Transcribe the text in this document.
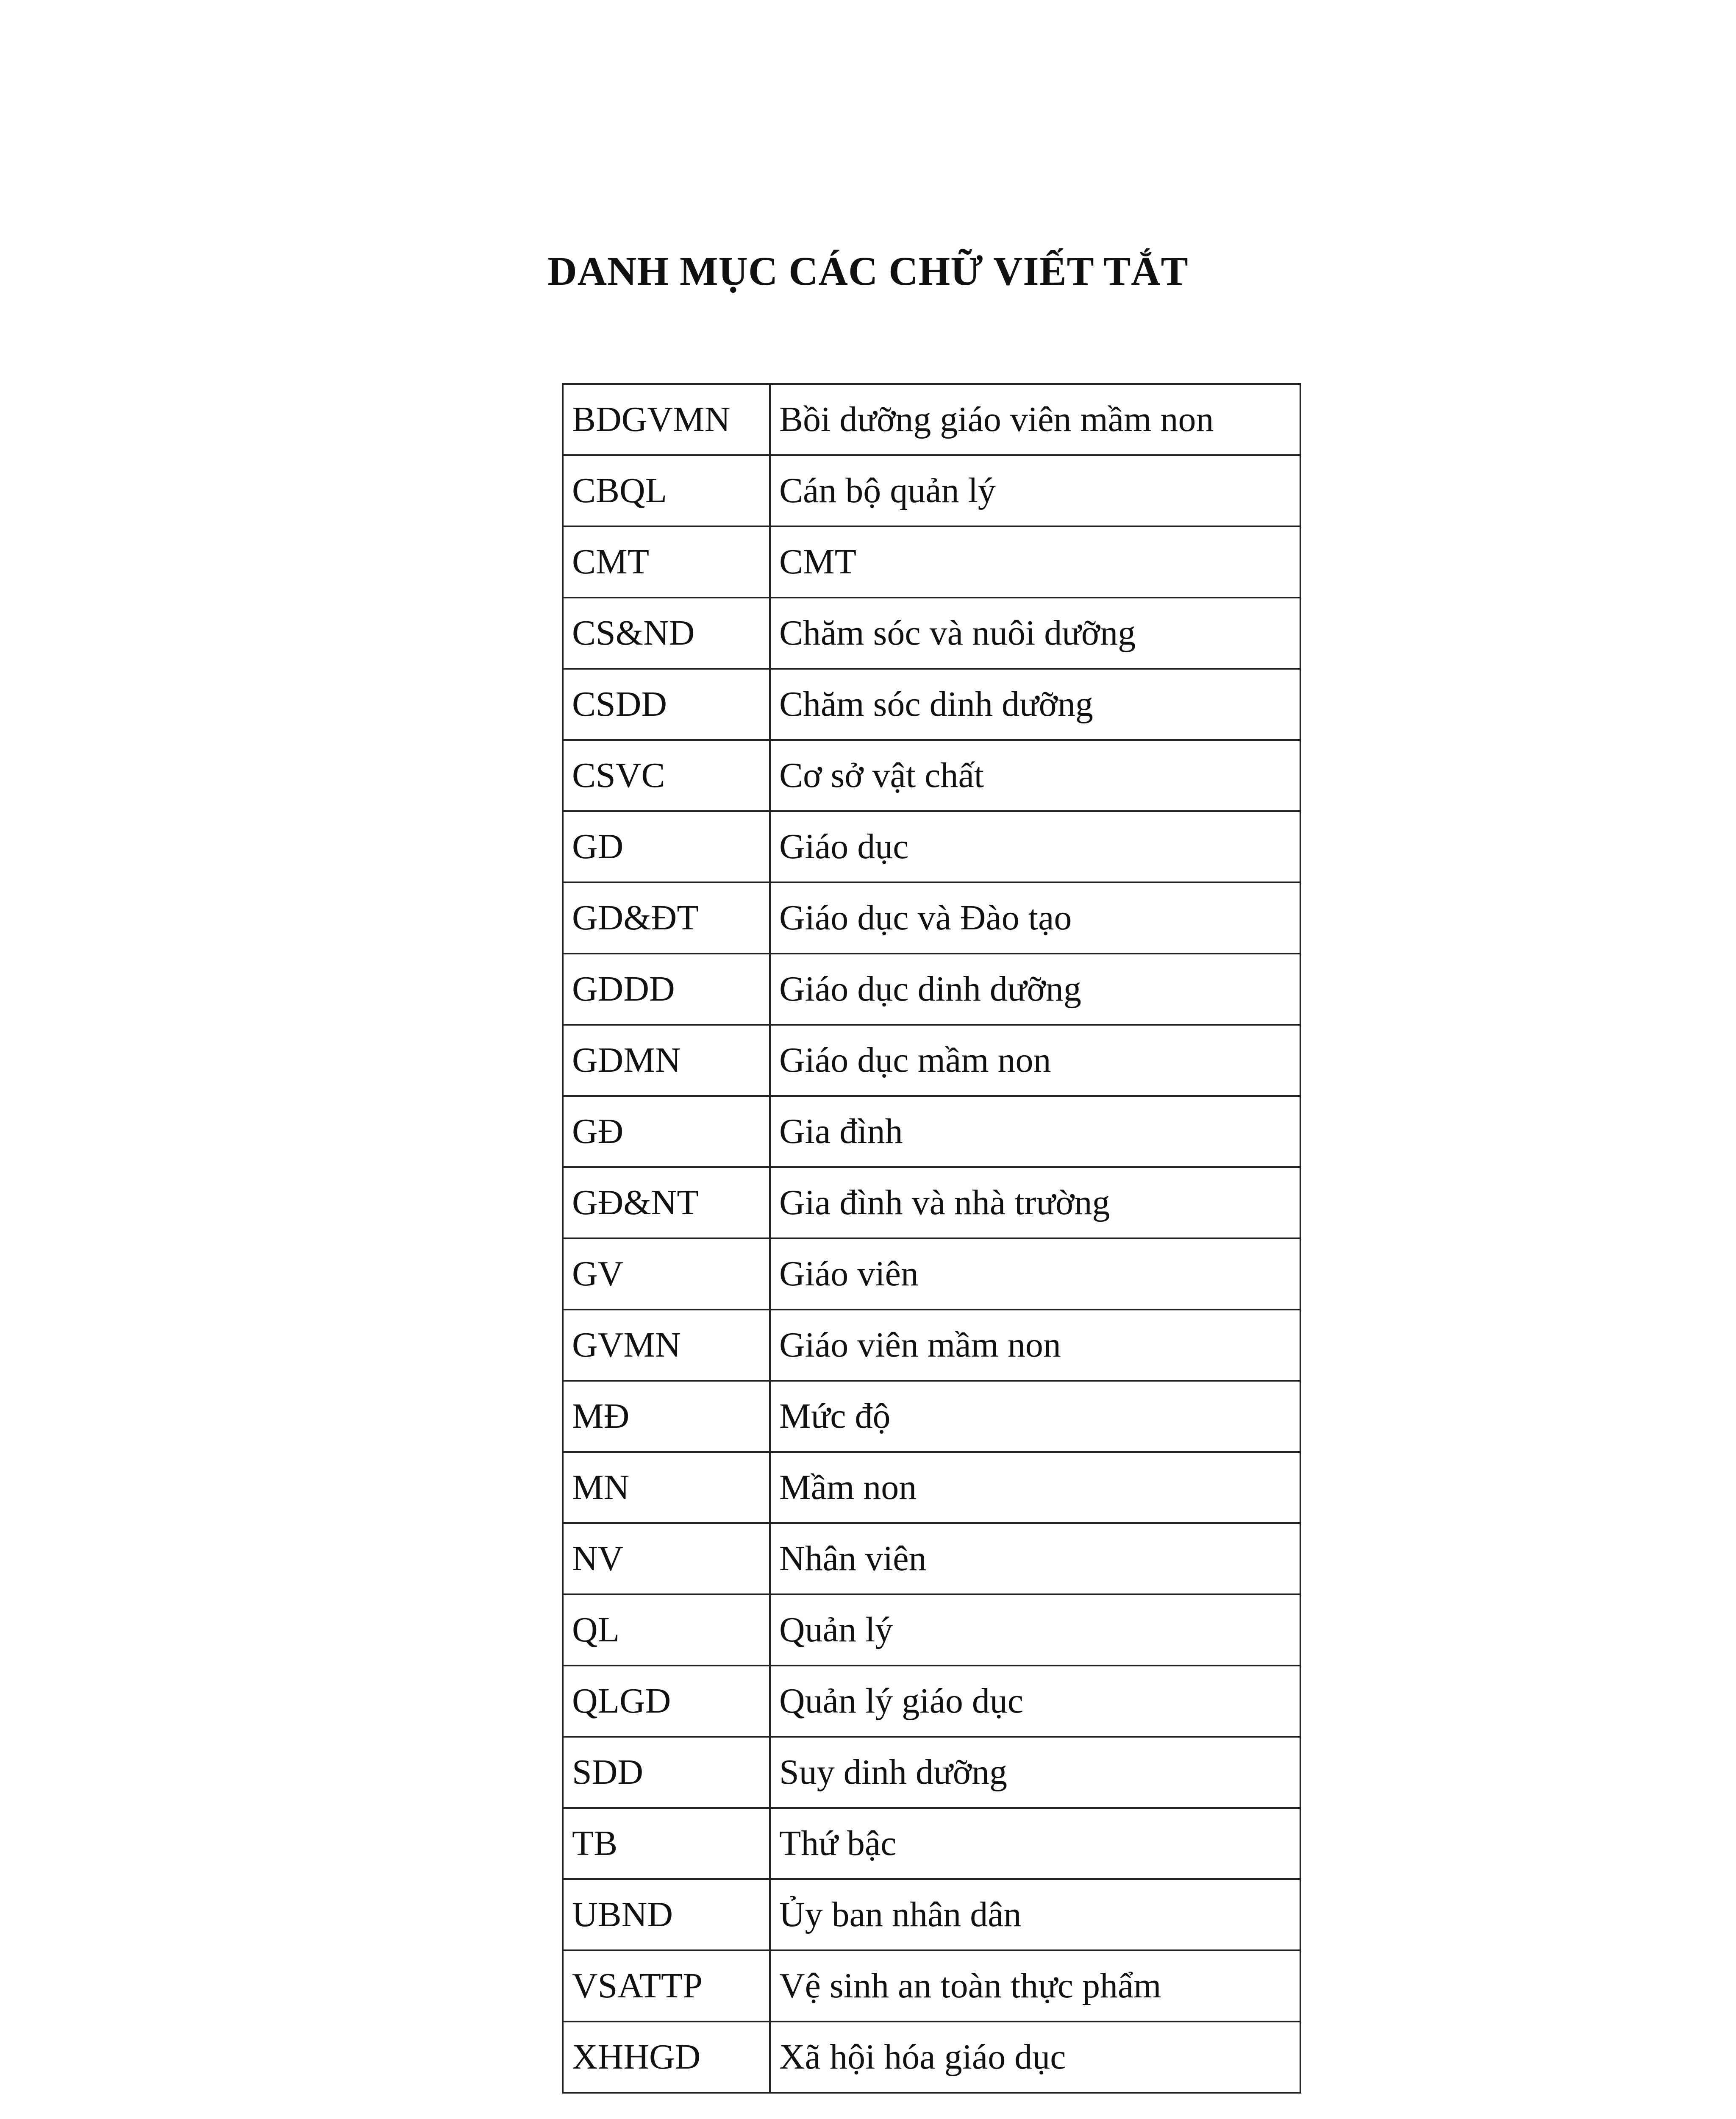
DANH MỤC CÁC CHỮ VIẾT TẮT
BDGVMN	Bồi dưỡng giáo viên mầm non
CBQL	Cán bộ quản lý
CMT	CMT
CS&ND	Chăm sóc và nuôi dưỡng
CSDD	Chăm sóc dinh dưỡng
CSVC	Cơ sở vật chất
GD	Giáo dục
GD&ĐT	Giáo dục và Đào tạo
GDDD	Giáo dục dinh dưỡng
GDMN	Giáo dục mầm non
GĐ	Gia đình
GĐ&NT	Gia đình và nhà trường
GV	Giáo viên
GVMN	Giáo viên mầm non
MĐ	Mức độ
MN	Mầm non
NV	Nhân viên
QL	Quản lý
QLGD	Quản lý giáo dục
SDD	Suy dinh dưỡng
TB	Thứ bậc
UBND	Ủy ban nhân dân
VSATTP	Vệ sinh an toàn thực phẩm
XHHGD	Xã hội hóa giáo dục
